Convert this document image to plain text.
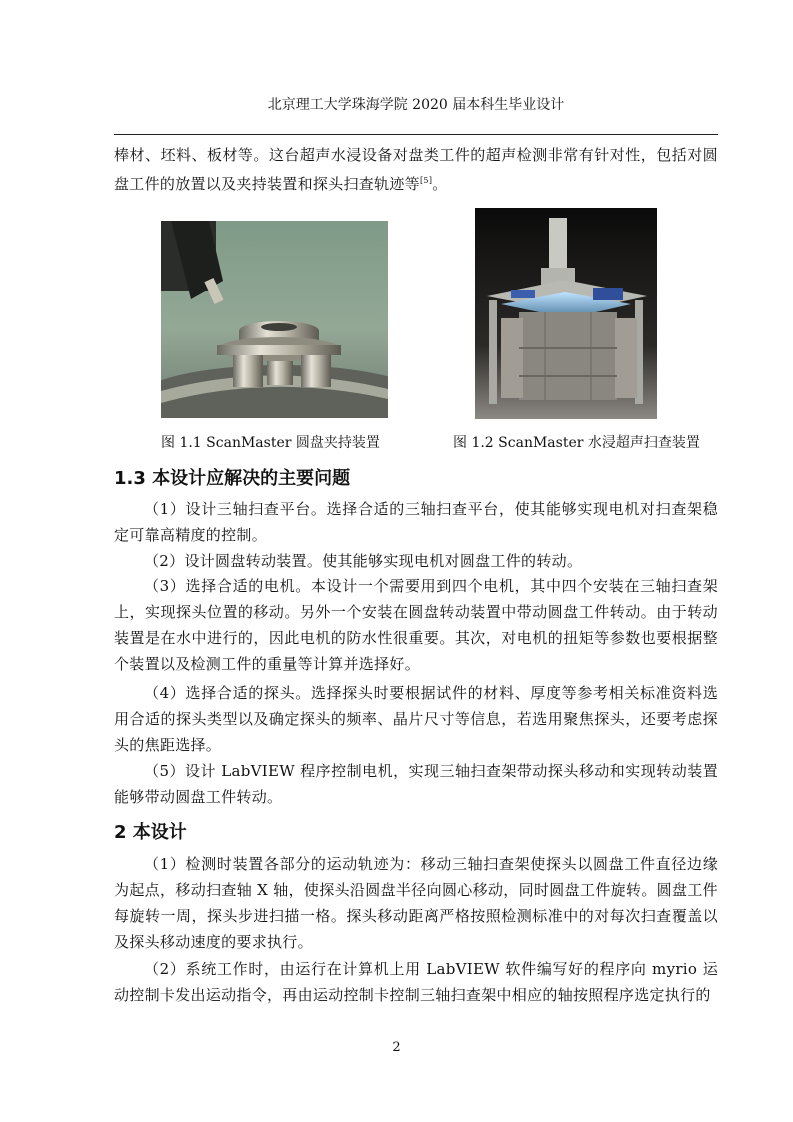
北京理工大学珠海学院 2020 届本科生毕业设计

棒材、坯料、板材等。这台超声水浸设备对盘类工件的超声检测非常有针对性，包括对圆盘工件的放置以及夹持装置和探头扫查轨迹等[5]。

图 1.1 ScanMaster 圆盘夹持装置	图 1.2 ScanMaster 水浸超声扫查装置
1.3 本设计应解决的主要问题

（1）设计三轴扫查平台。选择合适的三轴扫查平台，使其能够实现电机对扫查架稳定可靠高精度的控制。

（2）设计圆盘转动装置。使其能够实现电机对圆盘工件的转动。

（3）选择合适的电机。本设计一个需要用到四个电机，其中四个安装在三轴扫查架上，实现探头位置的移动。另外一个安装在圆盘转动装置中带动圆盘工件转动。由于转动装置是在水中进行的，因此电机的防水性很重要。其次，对电机的扭矩等参数也要根据整个装置以及检测工件的重量等计算并选择好。

（4）选择合适的探头。选择探头时要根据试件的材料、厚度等参考相关标准资料选用合适的探头类型以及确定探头的频率、晶片尺寸等信息，若选用聚焦探头，还要考虑探头的焦距选择。

（5）设计 LabVIEW 程序控制电机，实现三轴扫查架带动探头移动和实现转动装置能够带动圆盘工件转动。

2 本设计

（1）检测时装置各部分的运动轨迹为：移动三轴扫查架使探头以圆盘工件直径边缘为起点，移动扫查轴 X 轴，使探头沿圆盘半径向圆心移动，同时圆盘工件旋转。圆盘工件每旋转一周，探头步进扫描一格。探头移动距离严格按照检测标准中的对每次扫查覆盖以及探头移动速度的要求执行。

（2）系统工作时，由运行在计算机上用 LabVIEW 软件编写好的程序向 myrio 运动控制卡发出运动指令，再由运动控制卡控制三轴扫查架中相应的轴按照程序选定执行的

2
